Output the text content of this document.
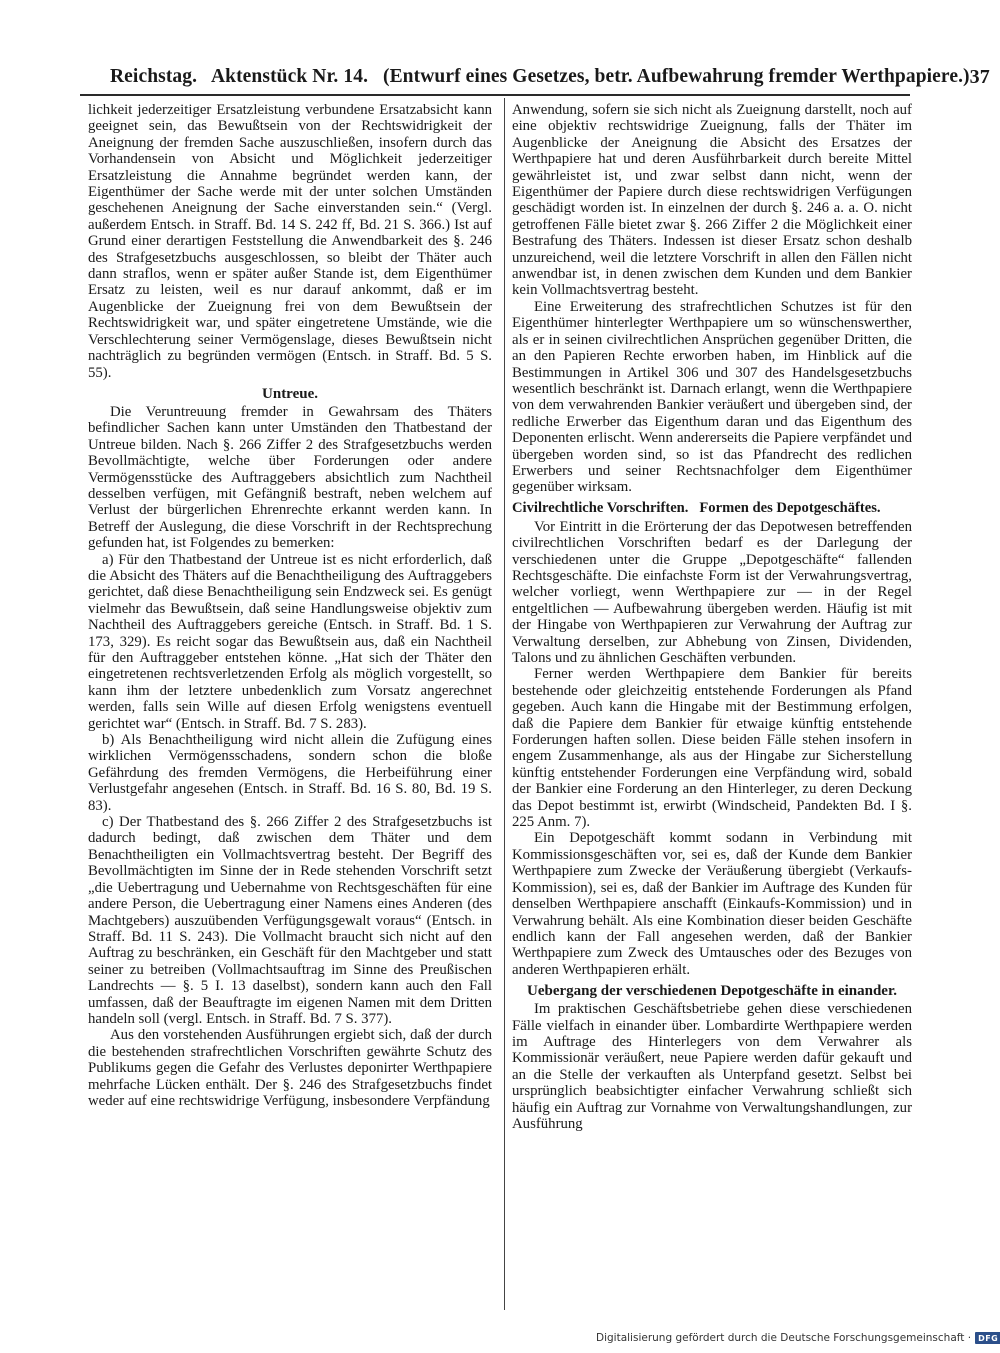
Reichstag.   Aktenstück Nr. 14.   (Entwurf eines Gesetzes, betr. Aufbewahrung fremder Werthpapiere.) 37

lichkeit jederzeitiger Ersatzleistung verbundene Ersatzabsicht kann geeignet sein, das Bewußtsein von der Rechtswidrigkeit der Aneignung der fremden Sache auszuschließen, insofern durch das Vorhandensein von Absicht und Möglichkeit jederzeitiger Ersatzleistung die Annahme begründet werden kann, der Eigenthümer der Sache werde mit der unter solchen Umständen geschehenen Aneignung der Sache einverstanden sein.“ (Vergl. außerdem Entsch. in Straff. Bd. 14 S. 242 ff, Bd. 21 S. 366.) Ist auf Grund einer derartigen Feststellung die Anwendbarkeit des §. 246 des Strafgesetzbuchs ausgeschlossen, so bleibt der Thäter auch dann straflos, wenn er später außer Stande ist, dem Eigenthümer Ersatz zu leisten, weil es nur darauf ankommt, daß er im Augenblicke der Zueignung frei von dem Bewußtsein der Rechtswidrigkeit war, und später eingetretene Umstände, wie die Verschlechterung seiner Vermögenslage, dieses Bewußtsein nicht nachträglich zu begründen vermögen (Entsch. in Straff. Bd. 5 S. 55).

Untreue.

Die Veruntreuung fremder in Gewahrsam des Thäters befindlicher Sachen kann unter Umständen den Thatbestand der Untreue bilden. Nach §. 266 Ziffer 2 des Strafgesetzbuchs werden Bevollmächtigte, welche über Forderungen oder andere Vermögensstücke des Auftraggebers absichtlich zum Nachtheil desselben verfügen, mit Gefängniß bestraft, neben welchem auf Verlust der bürgerlichen Ehrenrechte erkannt werden kann. In Betreff der Auslegung, die diese Vorschrift in der Rechtsprechung gefunden hat, ist Folgendes zu bemerken:

a) Für den Thatbestand der Untreue ist es nicht erforderlich, daß die Absicht des Thäters auf die Benachtheiligung des Auftraggebers gerichtet, daß diese Benachtheiligung sein Endzweck sei. Es genügt vielmehr das Bewußtsein, daß seine Handlungsweise objektiv zum Nachtheil des Auftraggebers gereiche (Entsch. in Straff. Bd. 1 S. 173, 329). Es reicht sogar das Bewußtsein aus, daß ein Nachtheil für den Auftraggeber entstehen könne. „Hat sich der Thäter den eingetretenen rechtsverletzenden Erfolg als möglich vorgestellt, so kann ihm der letztere unbedenklich zum Vorsatz angerechnet werden, falls sein Wille auf diesen Erfolg wenigstens eventuell gerichtet war“ (Entsch. in Straff. Bd. 7 S. 283).

b) Als Benachtheiligung wird nicht allein die Zufügung eines wirklichen Vermögensschadens, sondern schon die bloße Gefährdung des fremden Vermögens, die Herbeiführung einer Verlustgefahr angesehen (Entsch. in Straff. Bd. 16 S. 80, Bd. 19 S. 83).

c) Der Thatbestand des §. 266 Ziffer 2 des Strafgesetzbuchs ist dadurch bedingt, daß zwischen dem Thäter und dem Benachtheiligten ein Vollmachtsvertrag besteht. Der Begriff des Bevollmächtigten im Sinne der in Rede stehenden Vorschrift setzt „die Uebertragung und Uebernahme von Rechtsgeschäften für eine andere Person, die Uebertragung einer Namens eines Anderen (des Machtgebers) auszuübenden Verfügungsgewalt voraus“ (Entsch. in Straff. Bd. 11 S. 243). Die Vollmacht braucht sich nicht auf den Auftrag zu beschränken, ein Geschäft für den Machtgeber und statt seiner zu betreiben (Vollmachtsauftrag im Sinne des Preußischen Landrechts — §. 5 I. 13 daselbst), sondern kann auch den Fall umfassen, daß der Beauftragte im eigenen Namen mit dem Dritten handeln soll (vergl. Entsch. in Straff. Bd. 7 S. 377).

Aus den vorstehenden Ausführungen ergiebt sich, daß der durch die bestehenden strafrechtlichen Vorschriften gewährte Schutz des Publikums gegen die Gefahr des Verlustes deponirter Werthpapiere mehrfache Lücken enthält. Der §. 246 des Strafgesetzbuchs findet weder auf eine rechtswidrige Verfügung, insbesondere Verpfändung

Anwendung, sofern sie sich nicht als Zueignung darstellt, noch auf eine objektiv rechtswidrige Zueignung, falls der Thäter im Augenblicke der Aneignung die Absicht des Ersatzes der Werthpapiere hat und deren Ausführbarkeit durch bereite Mittel gewährleistet ist, und zwar selbst dann nicht, wenn der Eigenthümer der Papiere durch diese rechtswidrigen Verfügungen geschädigt worden ist. In einzelnen der durch §. 246 a. a. O. nicht getroffenen Fälle bietet zwar §. 266 Ziffer 2 die Möglichkeit einer Bestrafung des Thäters. Indessen ist dieser Ersatz schon deshalb unzureichend, weil die letztere Vorschrift in allen den Fällen nicht anwendbar ist, in denen zwischen dem Kunden und dem Bankier kein Vollmachtsvertrag besteht.

Eine Erweiterung des strafrechtlichen Schutzes ist für den Eigenthümer hinterlegter Werthpapiere um so wünschenswerther, als er in seinen civilrechtlichen Ansprüchen gegenüber Dritten, die an den Papieren Rechte erworben haben, im Hinblick auf die Bestimmungen in Artikel 306 und 307 des Handelsgesetzbuchs wesentlich beschränkt ist. Darnach erlangt, wenn die Werthpapiere von dem verwahrenden Bankier veräußert und übergeben sind, der redliche Erwerber das Eigenthum daran und das Eigenthum des Deponenten erlischt. Wenn andererseits die Papiere verpfändet und übergeben worden sind, so ist das Pfandrecht des redlichen Erwerbers und seiner Rechtsnachfolger dem Eigenthümer gegenüber wirksam.

Civilrechtliche Vorschriften.   Formen des Depotgeschäftes.

Vor Eintritt in die Erörterung der das Depotwesen betreffenden civilrechtlichen Vorschriften bedarf es der Darlegung der verschiedenen unter die Gruppe „Depotgeschäfte“ fallenden Rechtsgeschäfte. Die einfachste Form ist der Verwahrungsvertrag, welcher vorliegt, wenn Werthpapiere zur — in der Regel entgeltlichen — Aufbewahrung übergeben werden. Häufig ist mit der Hingabe von Werthpapieren zur Verwahrung der Auftrag zur Verwaltung derselben, zur Abhebung von Zinsen, Dividenden, Talons und zu ähnlichen Geschäften verbunden.

Ferner werden Werthpapiere dem Bankier für bereits bestehende oder gleichzeitig entstehende Forderungen als Pfand gegeben. Auch kann die Hingabe mit der Bestimmung erfolgen, daß die Papiere dem Bankier für etwaige künftig entstehende Forderungen haften sollen. Diese beiden Fälle stehen insofern in engem Zusammenhange, als aus der Hingabe zur Sicherstellung künftig entstehender Forderungen eine Verpfändung wird, sobald der Bankier eine Forderung an den Hinterleger, zu deren Deckung das Depot bestimmt ist, erwirbt (Windscheid, Pandekten Bd. I §. 225 Anm. 7).

Ein Depotgeschäft kommt sodann in Verbindung mit Kommissionsgeschäften vor, sei es, daß der Kunde dem Bankier Werthpapiere zum Zwecke der Veräußerung übergiebt (Verkaufs-Kommission), sei es, daß der Bankier im Auftrage des Kunden für denselben Werthpapiere anschafft (Einkaufs-Kommission) und in Verwahrung behält. Als eine Kombination dieser beiden Geschäfte endlich kann der Fall angesehen werden, daß der Bankier Werthpapiere zum Zweck des Umtausches oder des Bezuges von anderen Werthpapieren erhält.

Uebergang der verschiedenen Depotgeschäfte in einander.

Im praktischen Geschäftsbetriebe gehen diese verschiedenen Fälle vielfach in einander über. Lombardirte Werthpapiere werden im Auftrage des Hinterlegers von dem Verwahrer als Kommissionär veräußert, neue Papiere werden dafür gekauft und an die Stelle der verkauften als Unterpfand gesetzt. Selbst bei ursprünglich beabsichtigter einfacher Verwahrung schließt sich häufig ein Auftrag zur Vornahme von Verwaltungshandlungen, zur Ausführung

Digitalisierung gefördert durch die Deutsche Forschungsgemeinschaft · DFG
